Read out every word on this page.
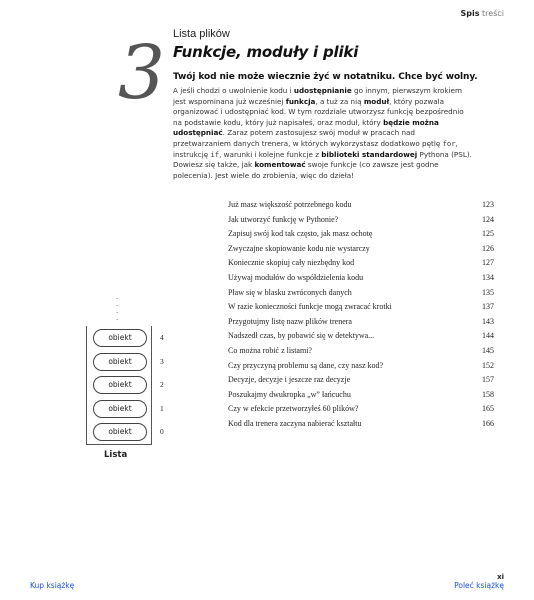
Spis treści
3 Lista plików
Funkcje, moduły i pliki
Twój kod nie może wiecznie żyć w notatniku. Chce być wolny.
A jeśli chodzi o uwolnienie kodu i udostępnianie go innym, pierwszym krokiem jest wspominana już wcześniej funkcja, a tuż za nią moduł, który pozwala organizować i udostępniać kod. W tym rozdziale utworzysz funkcję bezpośrednio na podstawie kodu, który już napisałeś, oraz moduł, który będzie można udostępniać. Zaraz potem zastosujesz swój moduł w pracach nad przetwarzaniem danych trenera, w których wykorzystasz dodatkowo pętlę for, instrukcję if, warunki i kolejne funkcje z biblioteki standardowej Pythona (PSL). Dowiesz się także, jak komentować swoje funkcje (co zawsze jest godne polecenia). Jest wiele do zrobienia, więc do dzieła!
Już masz większość potrzebnego kodu	123
Jak utworzyć funkcję w Pythonie?	124
Zapisuj swój kod tak często, jak masz ochotę	125
Zwyczajne skopiowanie kodu nie wystarczy	126
Koniecznie skopiuj cały niezbędny kod	127
Używaj modułów do współdzielenia kodu	134
Pław się w blasku zwróconych danych	135
W razie konieczności funkcje mogą zwracać krotki	137
Przygotujmy listę nazw plików trenera	143
Nadszedł czas, by pobawić się w detektywa...	144
Co można robić z listami?	145
Czy przyczyną problemu są dane, czy nasz kod?	152
Decyzje, decyzje i jeszcze raz decyzje	157
Poszukajmy dwukropka „w” łańcuchu	158
Czy w efekcie przetworzyłeś 60 plików?	165
Kod dla trenera zaczyna nabierać kształtu	166
·
·
·
·
obiekt
obiekt
obiekt
obiekt
obiekt
4
3
2
1
0
Lista
Kup książkę
xi
Poleć książkę
